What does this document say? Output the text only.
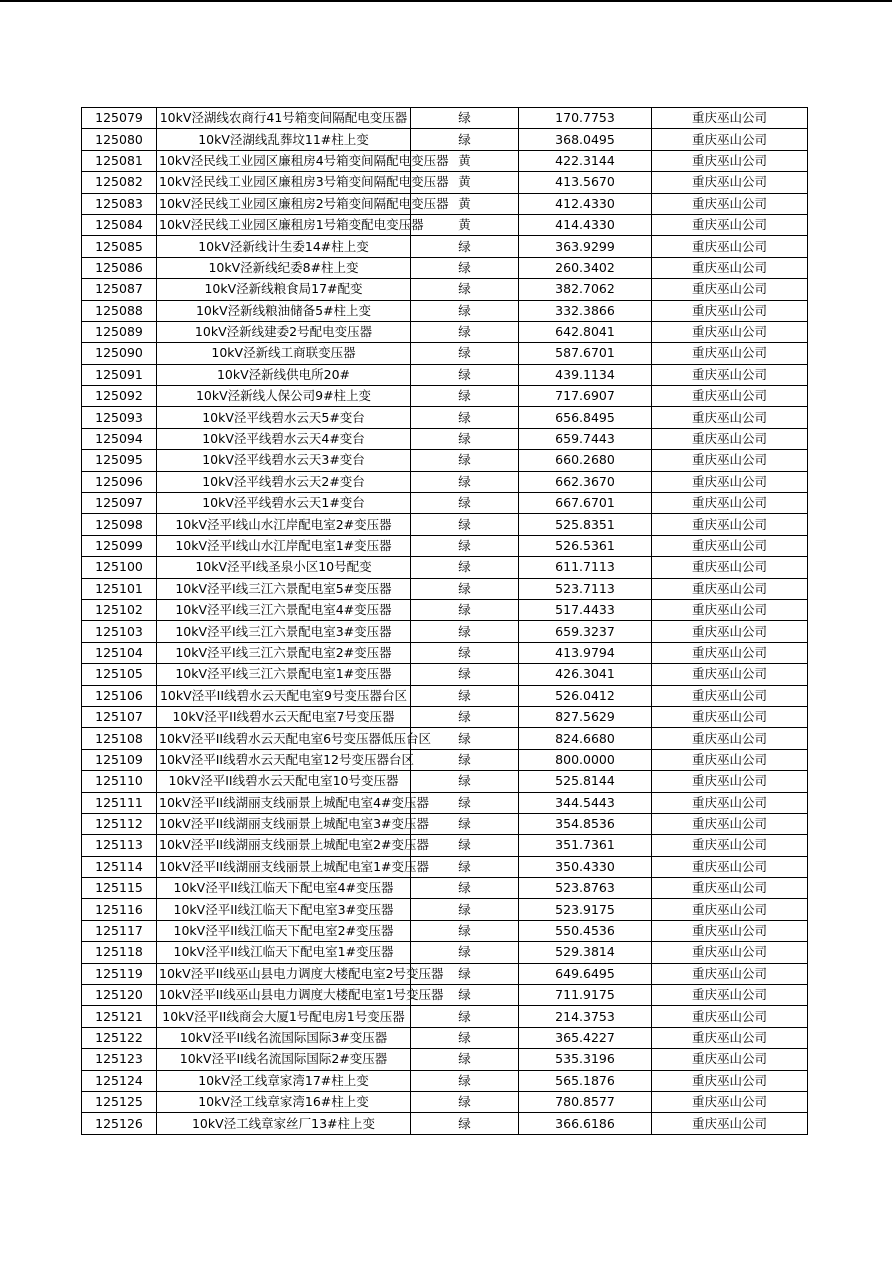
125079	10kV泾湖线农商行41号箱变间隔配电变压器	绿	170.7753	重庆巫山公司
125080	10kV泾湖线乱葬坟11#柱上变	绿	368.0495	重庆巫山公司
125081	10kV泾民线工业园区廉租房4号箱变间隔配电变压器	黄	422.3144	重庆巫山公司
125082	10kV泾民线工业园区廉租房3号箱变间隔配电变压器	黄	413.5670	重庆巫山公司
125083	10kV泾民线工业园区廉租房2号箱变间隔配电变压器	黄	412.4330	重庆巫山公司
125084	10kV泾民线工业园区廉租房1号箱变配电变压器	黄	414.4330	重庆巫山公司
125085	10kV泾新线计生委14#柱上变	绿	363.9299	重庆巫山公司
125086	10kV泾新线纪委8#柱上变	绿	260.3402	重庆巫山公司
125087	10kV泾新线粮食局17#配变	绿	382.7062	重庆巫山公司
125088	10kV泾新线粮油储备5#柱上变	绿	332.3866	重庆巫山公司
125089	10kV泾新线建委2号配电变压器	绿	642.8041	重庆巫山公司
125090	10kV泾新线工商联变压器	绿	587.6701	重庆巫山公司
125091	10kV泾新线供电所20#	绿	439.1134	重庆巫山公司
125092	10kV泾新线人保公司9#柱上变	绿	717.6907	重庆巫山公司
125093	10kV泾平线碧水云天5#变台	绿	656.8495	重庆巫山公司
125094	10kV泾平线碧水云天4#变台	绿	659.7443	重庆巫山公司
125095	10kV泾平线碧水云天3#变台	绿	660.2680	重庆巫山公司
125096	10kV泾平线碧水云天2#变台	绿	662.3670	重庆巫山公司
125097	10kV泾平线碧水云天1#变台	绿	667.6701	重庆巫山公司
125098	10kV泾平I线山水江岸配电室2#变压器	绿	525.8351	重庆巫山公司
125099	10kV泾平I线山水江岸配电室1#变压器	绿	526.5361	重庆巫山公司
125100	10kV泾平I线圣泉小区10号配变	绿	611.7113	重庆巫山公司
125101	10kV泾平I线三江六景配电室5#变压器	绿	523.7113	重庆巫山公司
125102	10kV泾平I线三江六景配电室4#变压器	绿	517.4433	重庆巫山公司
125103	10kV泾平I线三江六景配电室3#变压器	绿	659.3237	重庆巫山公司
125104	10kV泾平I线三江六景配电室2#变压器	绿	413.9794	重庆巫山公司
125105	10kV泾平I线三江六景配电室1#变压器	绿	426.3041	重庆巫山公司
125106	10kV泾平II线碧水云天配电室9号变压器台区	绿	526.0412	重庆巫山公司
125107	10kV泾平II线碧水云天配电室7号变压器	绿	827.5629	重庆巫山公司
125108	10kV泾平II线碧水云天配电室6号变压器低压台区	绿	824.6680	重庆巫山公司
125109	10kV泾平II线碧水云天配电室12号变压器台区	绿	800.0000	重庆巫山公司
125110	10kV泾平II线碧水云天配电室10号变压器	绿	525.8144	重庆巫山公司
125111	10kV泾平II线湖丽支线丽景上城配电室4#变压器	绿	344.5443	重庆巫山公司
125112	10kV泾平II线湖丽支线丽景上城配电室3#变压器	绿	354.8536	重庆巫山公司
125113	10kV泾平II线湖丽支线丽景上城配电室2#变压器	绿	351.7361	重庆巫山公司
125114	10kV泾平II线湖丽支线丽景上城配电室1#变压器	绿	350.4330	重庆巫山公司
125115	10kV泾平II线江临天下配电室4#变压器	绿	523.8763	重庆巫山公司
125116	10kV泾平II线江临天下配电室3#变压器	绿	523.9175	重庆巫山公司
125117	10kV泾平II线江临天下配电室2#变压器	绿	550.4536	重庆巫山公司
125118	10kV泾平II线江临天下配电室1#变压器	绿	529.3814	重庆巫山公司
125119	10kV泾平II线巫山县电力调度大楼配电室2号变压器	绿	649.6495	重庆巫山公司
125120	10kV泾平II线巫山县电力调度大楼配电室1号变压器	绿	711.9175	重庆巫山公司
125121	10kV泾平II线商会大厦1号配电房1号变压器	绿	214.3753	重庆巫山公司
125122	10kV泾平II线名流国际国际3#变压器	绿	365.4227	重庆巫山公司
125123	10kV泾平II线名流国际国际2#变压器	绿	535.3196	重庆巫山公司
125124	10kV泾工线章家湾17#柱上变	绿	565.1876	重庆巫山公司
125125	10kV泾工线章家湾16#柱上变	绿	780.8577	重庆巫山公司
125126	10kV泾工线章家丝厂13#柱上变	绿	366.6186	重庆巫山公司
